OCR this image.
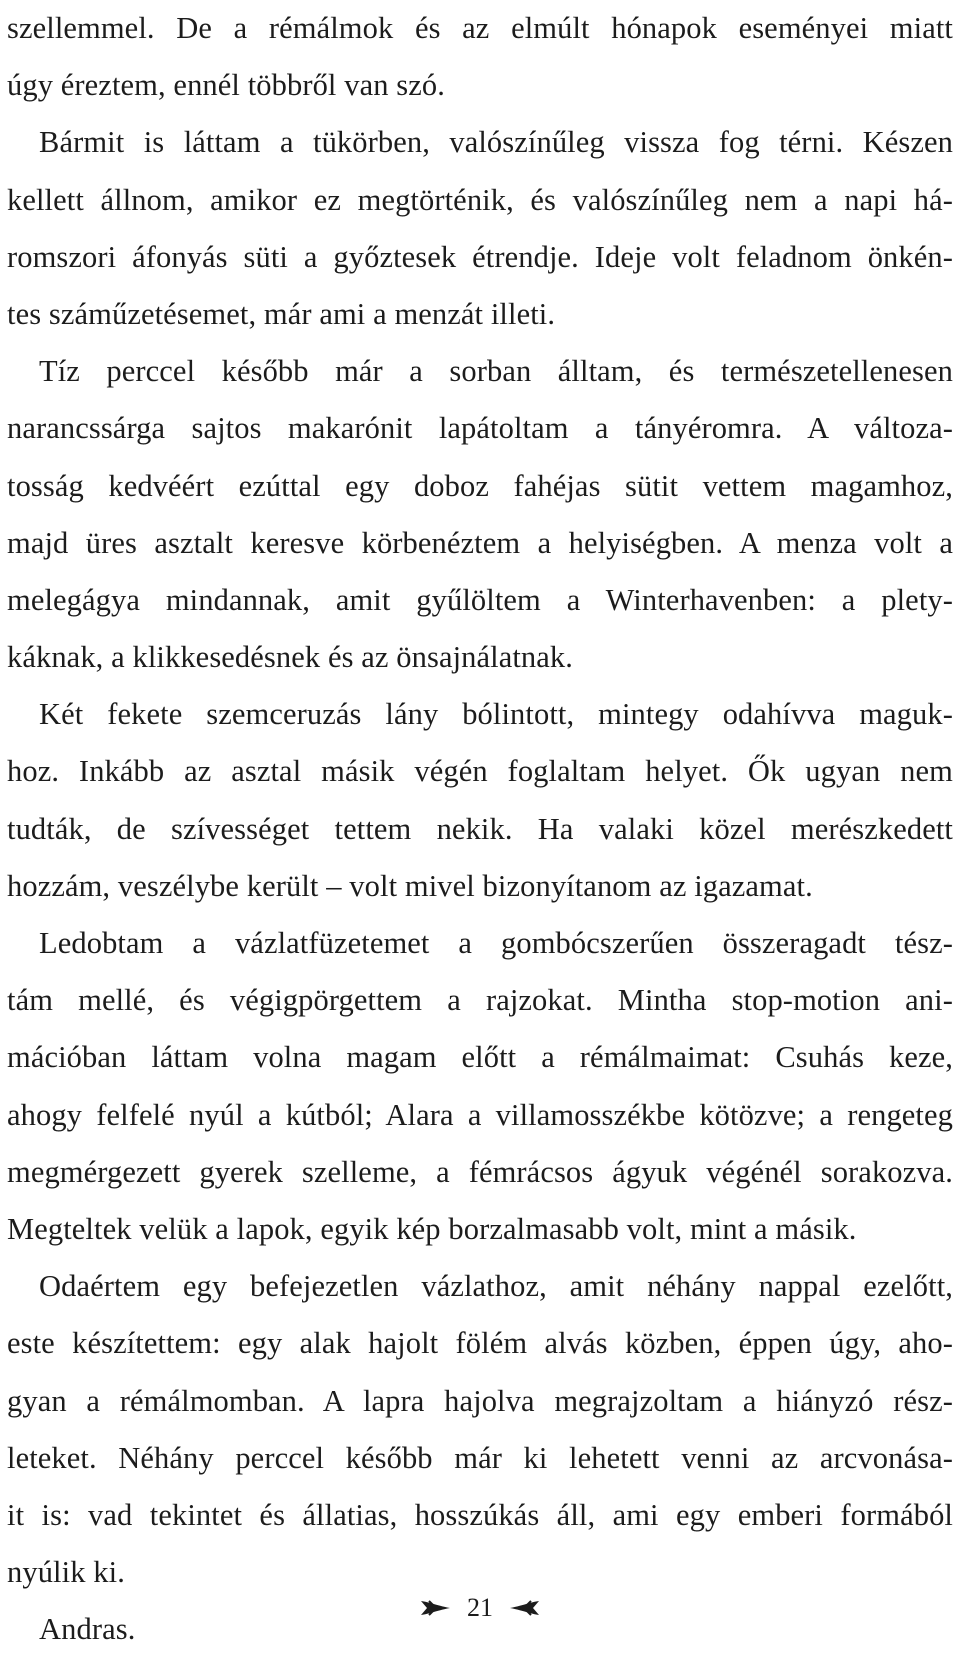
szellemmel. De a rémálmok és az elmúlt hónapok eseményei miatt
úgy éreztem, ennél többről van szó.
Bármit is láttam a tükörben, valószínűleg vissza fog térni. Készen
kellett állnom, amikor ez megtörténik, és valószínűleg nem a napi há-
romszori áfonyás süti a győztesek étrendje. Ideje volt feladnom önkén-
tes száműzetésemet, már ami a menzát illeti.
Tíz perccel később már a sorban álltam, és természetellenesen
narancssárga sajtos makarónit lapátoltam a tányéromra. A változa-
tosság kedvéért ezúttal egy doboz fahéjas sütit vettem magamhoz,
majd üres asztalt keresve körbenéztem a helyiségben. A menza volt a
melegágya mindannak, amit gyűlöltem a Winterhavenben: a plety-
káknak, a klikkesedésnek és az önsajnálatnak.
Két fekete szemceruzás lány bólintott, mintegy odahívva maguk-
hoz. Inkább az asztal másik végén foglaltam helyet. Ők ugyan nem
tudták, de szívességet tettem nekik. Ha valaki közel merészkedett
hozzám, veszélybe került – volt mivel bizonyítanom az igazamat.
Ledobtam a vázlatfüzetemet a gombócszerűen összeragadt tész-
tám mellé, és végigpörgettem a rajzokat. Mintha stop-motion ani-
mációban láttam volna magam előtt a rémálmaimat: Csuhás keze,
ahogy felfelé nyúl a kútból; Alara a villamosszékbe kötözve; a rengeteg
megmérgezett gyerek szelleme, a fémrácsos ágyuk végénél sorakozva.
Megteltek velük a lapok, egyik kép borzalmasabb volt, mint a másik.
Odaértem egy befejezetlen vázlathoz, amit néhány nappal ezelőtt,
este készítettem: egy alak hajolt fölém alvás közben, éppen úgy, aho-
gyan a rémálmomban. A lapra hajolva megrajzoltam a hiányzó rész-
leteket. Néhány perccel később már ki lehetett venni az arcvonása-
it is: vad tekintet és állatias, hosszúkás áll, ami egy emberi formából
nyúlik ki.
Andras.
21
